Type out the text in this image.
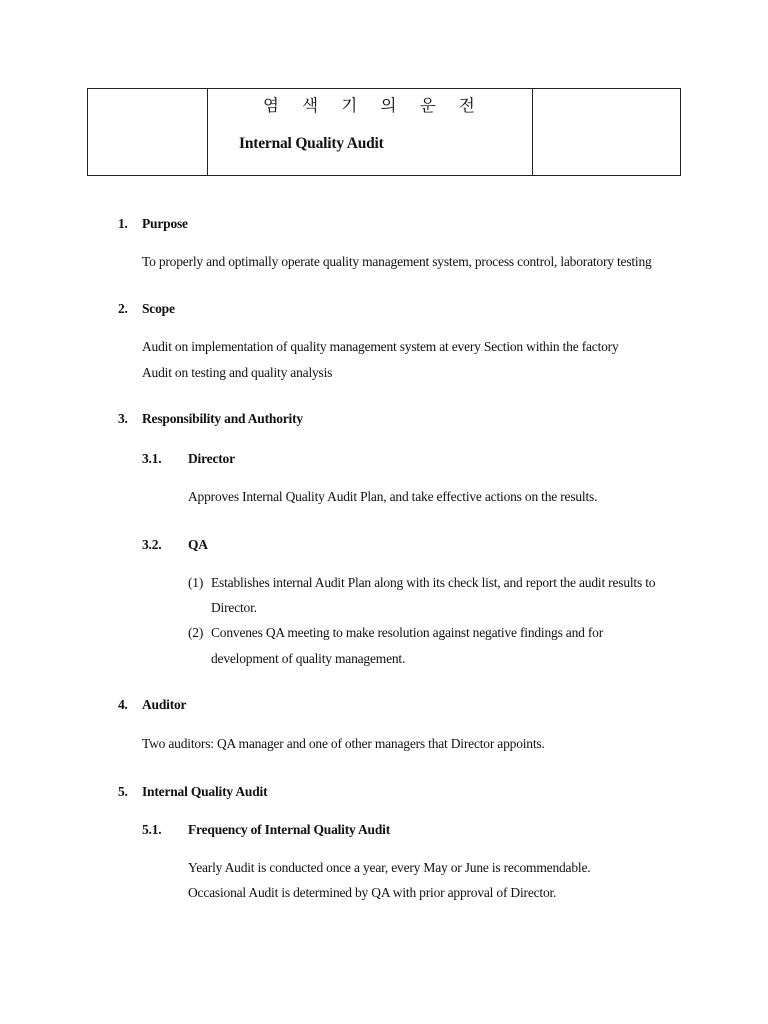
염 색 기 의 운 전
Internal Quality Audit
1. Purpose
To properly and optimally operate quality management system, process control, laboratory testing
2. Scope
Audit on implementation of quality management system at every Section within the factory
Audit on testing and quality analysis
3. Responsibility and Authority
3.1. Director
Approves Internal Quality Audit Plan, and take effective actions on the results.
3.2. QA
(1) Establishes internal Audit Plan along with its check list, and report the audit results to
Director.
(2) Convenes QA meeting to make resolution against negative findings and for
development of quality management.
4. Auditor
Two auditors: QA manager and one of other managers that Director appoints.
5. Internal Quality Audit
5.1. Frequency of Internal Quality Audit
Yearly Audit is conducted once a year, every May or June is recommendable.
Occasional Audit is determined by QA with prior approval of Director.
